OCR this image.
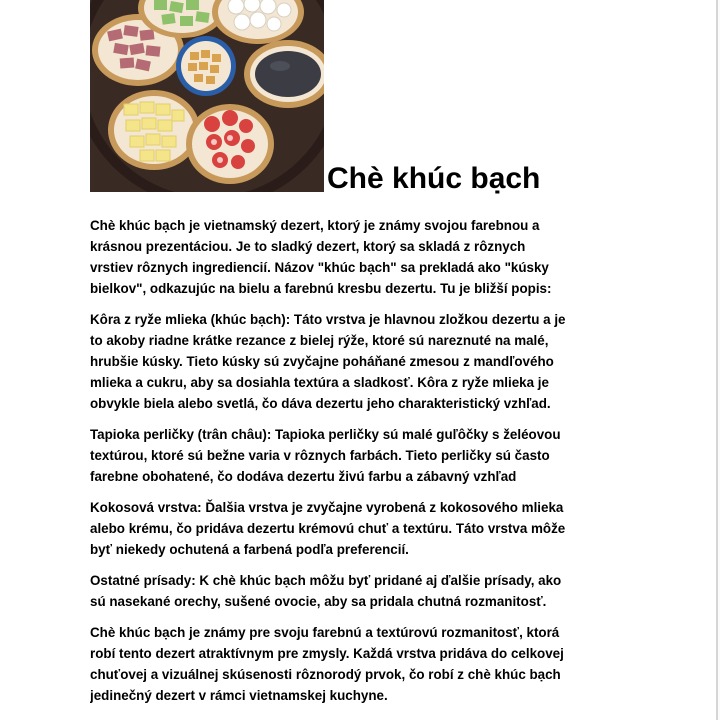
Chè khúc bạch

Chè khúc bạch je vietnamský dezert, ktorý je známy svojou farebnou a
krásnou prezentáciou. Je to sladký dezert, ktorý sa skladá z rôznych
vrstiev rôznych ingrediencií. Názov "khúc bạch" sa prekladá ako "kúsky
bielkov", odkazujúc na bielu a farebnú kresbu dezertu. Tu je bližší popis:

Kôra z ryže mlieka (khúc bạch): Táto vrstva je hlavnou zložkou dezertu a je
to akoby riadne krátke rezance z bielej rýže, ktoré sú nareznuté na malé,
hrubšie kúsky. Tieto kúsky sú zvyčajne poháňané zmesou z mandľového
mlieka a cukru, aby sa dosiahla textúra a sladkosť. Kôra z ryže mlieka je
obvykle biela alebo svetlá, čo dáva dezertu jeho charakteristický vzhľad.

Tapioka perličky (trân châu): Tapioka perličky sú malé guľôčky s želéovou
textúrou, ktoré sú bežne varia v rôznych farbách. Tieto perličky sú často
farebne obohatené, čo dodáva dezertu živú farbu a zábavný vzhľad

Kokosová vrstva: Ďalšia vrstva je zvyčajne vyrobená z kokosového mlieka
alebo krému, čo pridáva dezertu krémovú chuť a textúru. Táto vrstva môže
byť niekedy ochutená a farbená podľa preferencií.

Ostatné prísady: K chè khúc bạch môžu byť pridané aj ďalšie prísady, ako
sú nasekané orechy, sušené ovocie, aby sa pridala chutná rozmanitosť.

Chè khúc bạch je známy pre svoju farebnú a textúrovú rozmanitosť, ktorá
robí tento dezert atraktívnym pre zmysly. Každá vrstva pridáva do celkovej
chuťovej a vizuálnej skúsenosti rôznorodý prvok, čo robí z chè khúc bạch
jedinečný dezert v rámci vietnamskej kuchyne.
